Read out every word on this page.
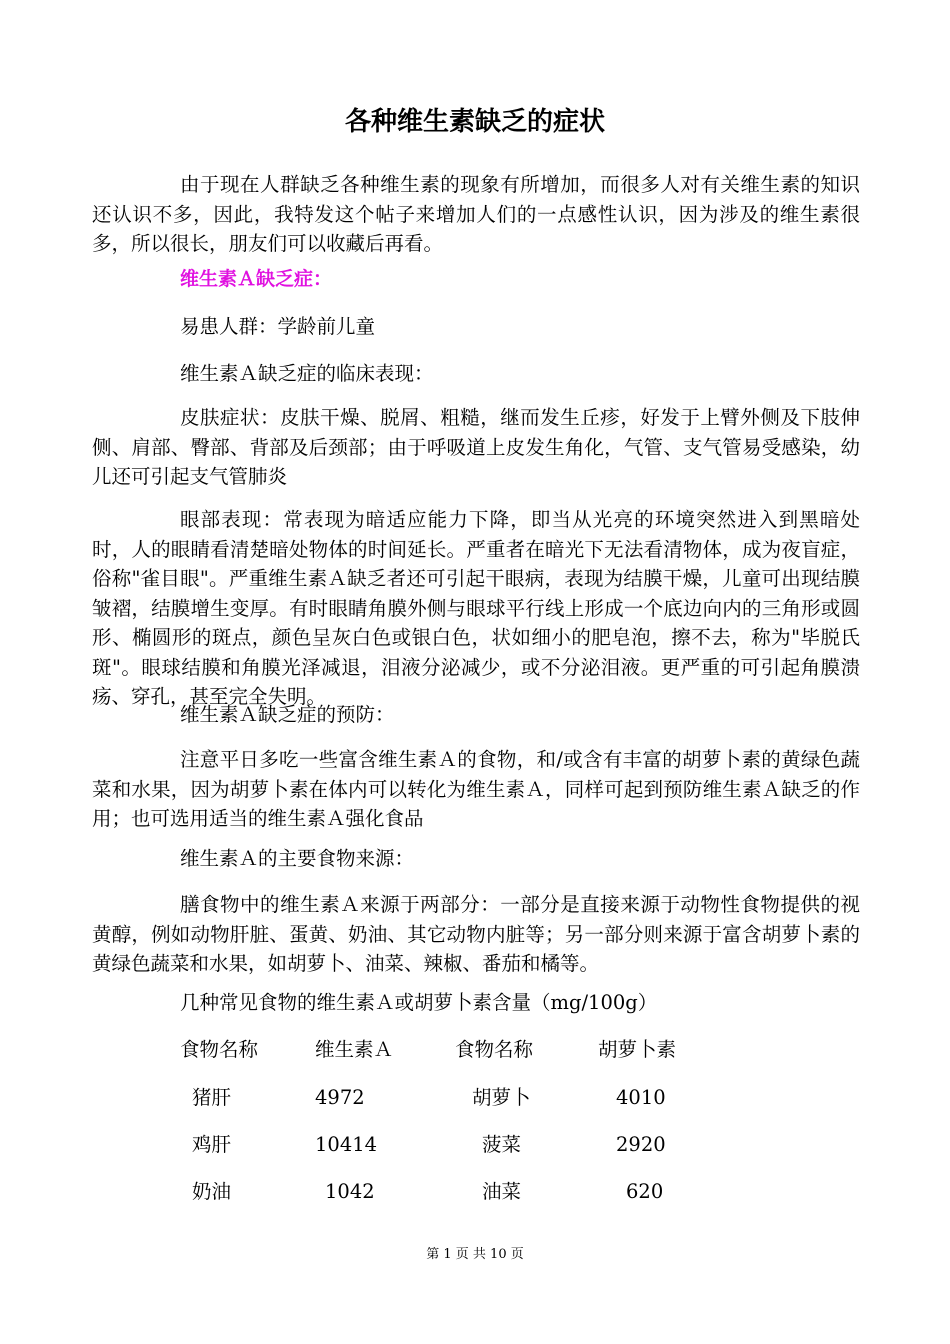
各种维生素缺乏的症状

由于现在人群缺乏各种维生素的现象有所增加，而很多人对有关维生素的知识还认识不多，因此，我特发这个帖子来增加人们的一点感性认识，因为涉及的维生素很多，所以很长，朋友们可以收藏后再看。

维生素Ａ缺乏症：

易患人群：学龄前儿童

维生素Ａ缺乏症的临床表现：

皮肤症状：皮肤干燥、脱屑、粗糙，继而发生丘疹，好发于上臂外侧及下肢伸侧、肩部、臀部、背部及后颈部；由于呼吸道上皮发生角化，气管、支气管易受感染，幼儿还可引起支气管肺炎

眼部表现：常表现为暗适应能力下降，即当从光亮的环境突然进入到黑暗处时，人的眼睛看清楚暗处物体的时间延长。严重者在暗光下无法看清物体，成为夜盲症，俗称"雀目眼"。严重维生素Ａ缺乏者还可引起干眼病，表现为结膜干燥，儿童可出现结膜皱褶，结膜增生变厚。有时眼睛角膜外侧与眼球平行线上形成一个底边向内的三角形或圆形、椭圆形的斑点，颜色呈灰白色或银白色，状如细小的肥皂泡，擦不去，称为"毕脱氏斑"。眼球结膜和角膜光泽减退，泪液分泌减少，或不分泌泪液。更严重的可引起角膜溃疡、穿孔，甚至完全失明。

维生素Ａ缺乏症的预防：

注意平日多吃一些富含维生素Ａ的食物，和/或含有丰富的胡萝卜素的黄绿色蔬菜和水果，因为胡萝卜素在体内可以转化为维生素Ａ，同样可起到预防维生素Ａ缺乏的作用；也可选用适当的维生素Ａ强化食品

维生素Ａ的主要食物来源：

膳食物中的维生素Ａ来源于两部分：一部分是直接来源于动物性食物提供的视黄醇，例如动物肝脏、蛋黄、奶油、其它动物内脏等；另一部分则来源于富含胡萝卜素的黄绿色蔬菜和水果，如胡萝卜、油菜、辣椒、番茄和橘等。

几种常见食物的维生素Ａ或胡萝卜素含量（mg/100g）

食物名称	维生素Ａ	食物名称	胡萝卜素
猪肝	4972	胡萝卜	4010
鸡肝	10414	菠菜	2920
奶油	1042	油菜	620
第 1 页 共 10 页
